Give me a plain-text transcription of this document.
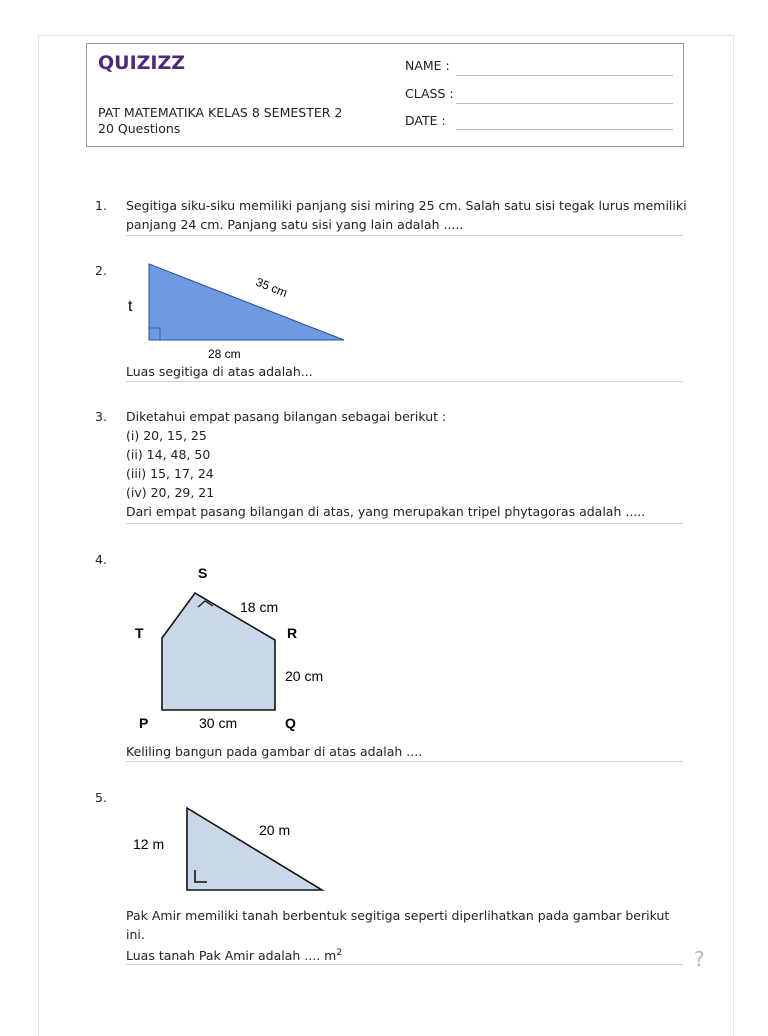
QUIZIZZ
PAT MATEMATIKA KELAS 8 SEMESTER 2
20 Questions
NAME :
CLASS :
DATE :
1. Segitiga siku-siku memiliki panjang sisi miring 25 cm. Salah satu sisi tegak lurus memiliki
panjang 24 cm. Panjang satu sisi yang lain adalah .....
2.
35 cm
t
28 cm
Luas segitiga di atas adalah...
3. Diketahui empat pasang bilangan sebagai berikut :
(i) 20, 15, 25
(ii) 14, 48, 50
(iii) 15, 17, 24
(iv) 20, 29, 21
Dari empat pasang bilangan di atas, yang merupakan tripel phytagoras adalah .....
4.
S
T	R
P	Q
18 cm
20 cm
30 cm
Keliling bangun pada gambar di atas adalah ....
5.
12 m
20 m
Pak Amir memiliki tanah berbentuk segitiga seperti diperlihatkan pada gambar berikut
ini.
Luas tanah Pak Amir adalah .... $m^2$	?
